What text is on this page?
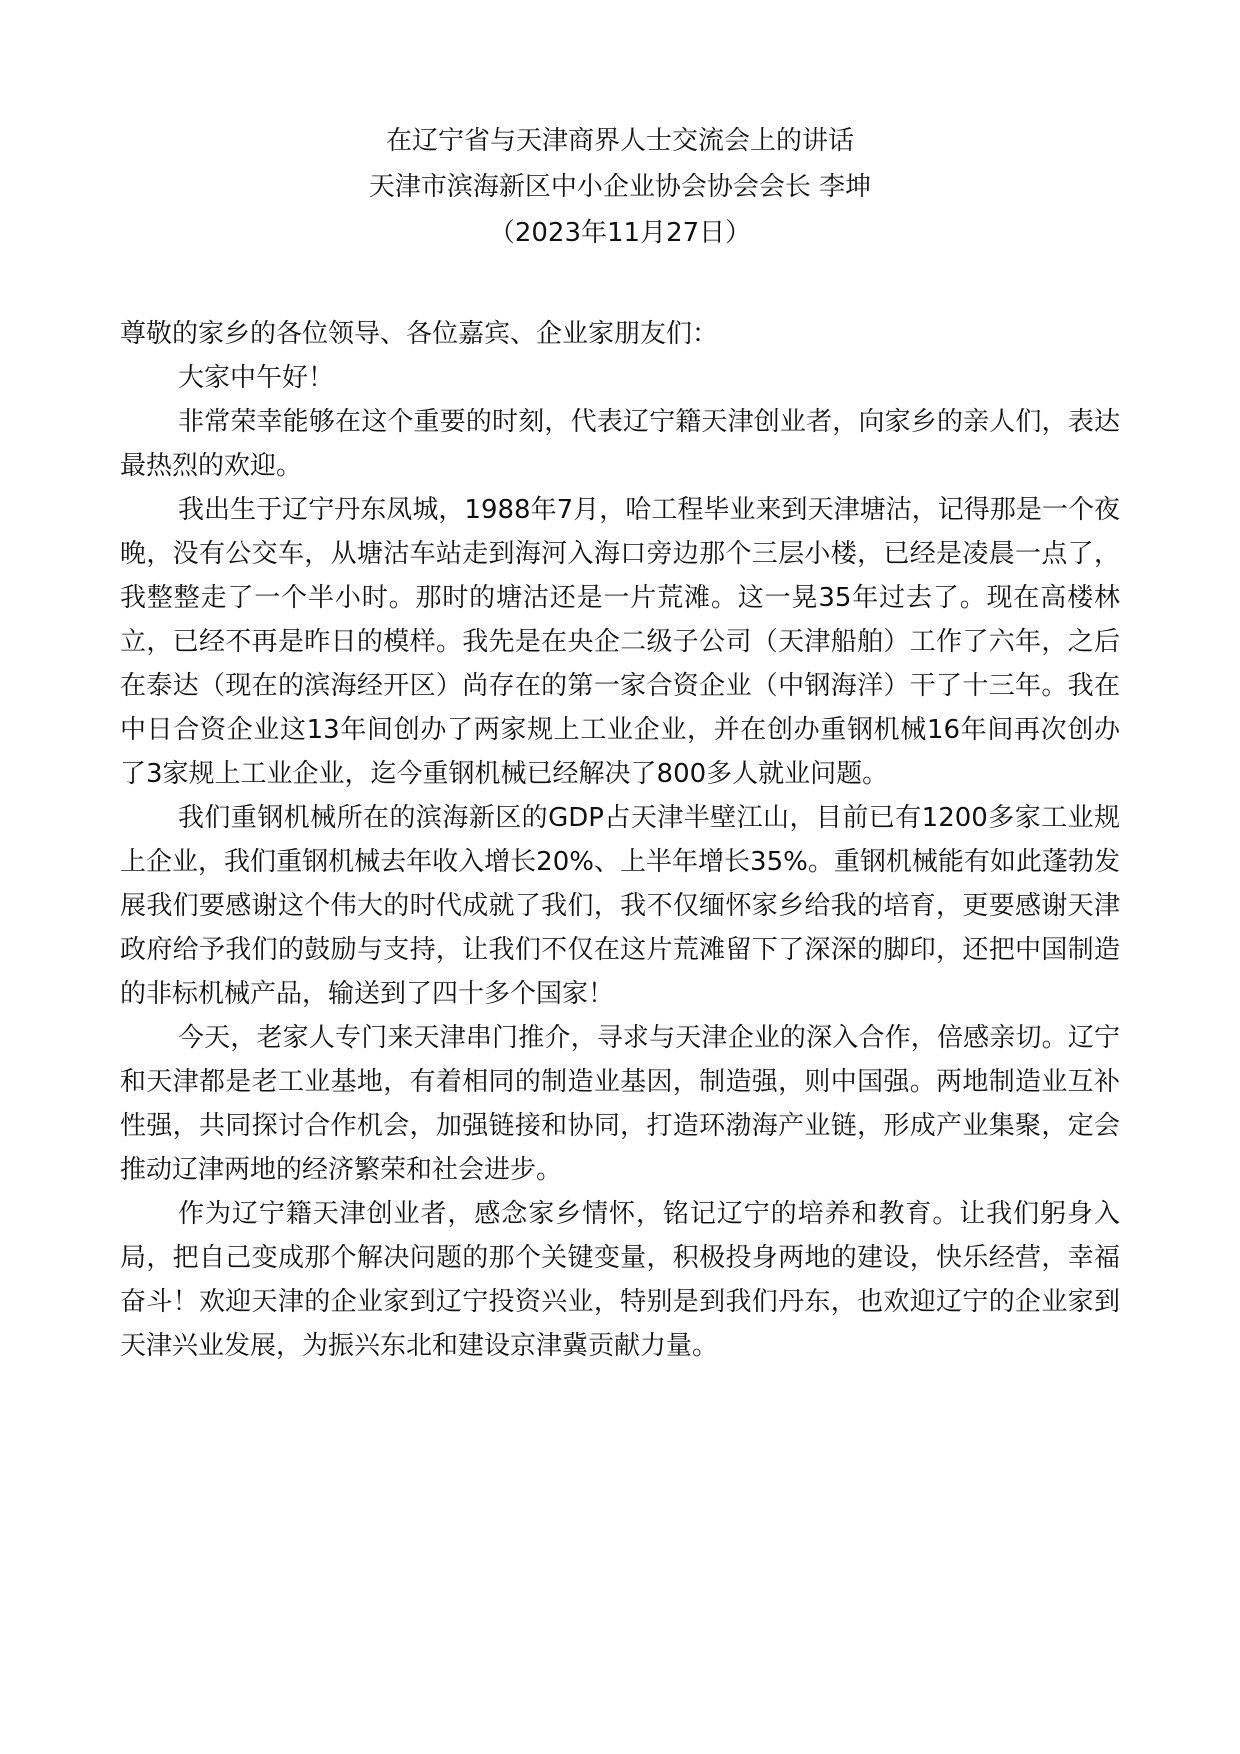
在辽宁省与天津商界人士交流会上的讲话
天津市滨海新区中小企业协会协会会长 李坤
（2023年11月27日）

尊敬的家乡的各位领导、各位嘉宾、企业家朋友们：

大家中午好！

非常荣幸能够在这个重要的时刻，代表辽宁籍天津创业者，向家乡的亲人们，表达最热烈的欢迎。

我出生于辽宁丹东凤城，1988年7月，哈工程毕业来到天津塘沽，记得那是一个夜晚，没有公交车，从塘沽车站走到海河入海口旁边那个三层小楼，已经是凌晨一点了，我整整走了一个半小时。那时的塘沽还是一片荒滩。这一晃35年过去了。现在高楼林立，已经不再是昨日的模样。我先是在央企二级子公司（天津船舶）工作了六年，之后在泰达（现在的滨海经开区）尚存在的第一家合资企业（中钢海洋）干了十三年。我在中日合资企业这13年间创办了两家规上工业企业，并在创办重钢机械16年间再次创办了3家规上工业企业，迄今重钢机械已经解决了800多人就业问题。

我们重钢机械所在的滨海新区的GDP占天津半壁江山，目前已有1200多家工业规上企业，我们重钢机械去年收入增长20%、上半年增长35%。重钢机械能有如此蓬勃发展我们要感谢这个伟大的时代成就了我们，我不仅缅怀家乡给我的培育，更要感谢天津政府给予我们的鼓励与支持，让我们不仅在这片荒滩留下了深深的脚印，还把中国制造的非标机械产品，输送到了四十多个国家！

今天，老家人专门来天津串门推介，寻求与天津企业的深入合作，倍感亲切。辽宁和天津都是老工业基地，有着相同的制造业基因，制造强，则中国强。两地制造业互补性强，共同探讨合作机会，加强链接和协同，打造环渤海产业链，形成产业集聚，定会推动辽津两地的经济繁荣和社会进步。

作为辽宁籍天津创业者，感念家乡情怀，铭记辽宁的培养和教育。让我们躬身入局，把自己变成那个解决问题的那个关键变量，积极投身两地的建设，快乐经营，幸福奋斗！欢迎天津的企业家到辽宁投资兴业，特别是到我们丹东，也欢迎辽宁的企业家到天津兴业发展，为振兴东北和建设京津冀贡献力量。
